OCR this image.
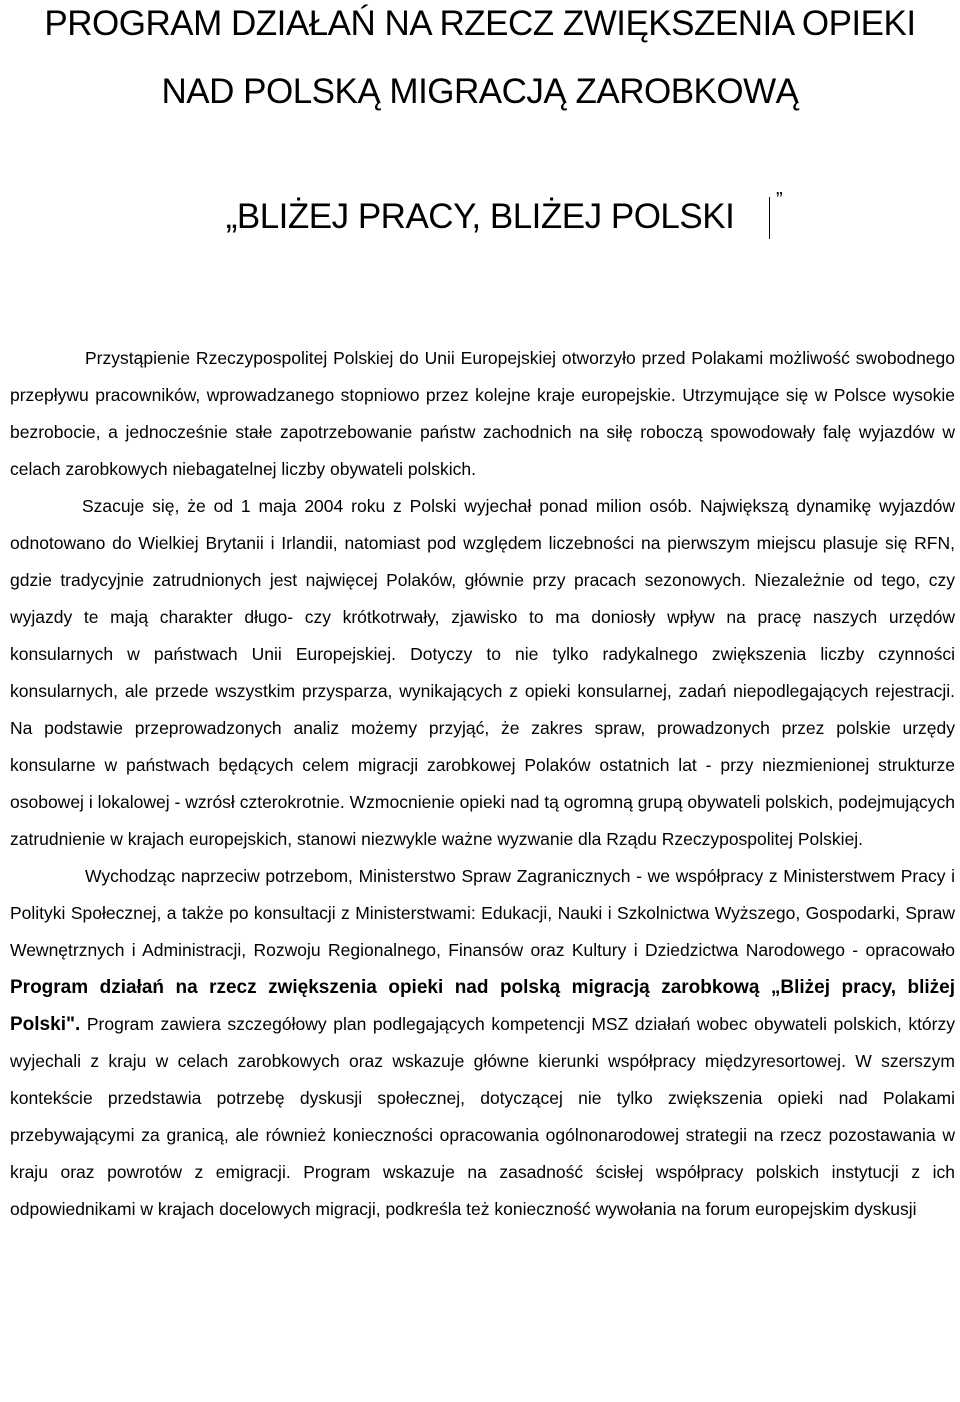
PROGRAM DZIAŁAŃ NA RZECZ ZWIĘKSZENIA OPIEKI
NAD POLSKĄ MIGRACJĄ ZAROBKOWĄ
„BLIŻEJ PRACY, BLIŻEJ POLSKI	”

Przystąpienie Rzeczypospolitej Polskiej do Unii Europejskiej otworzyło przed Polakami możliwość swobodnego przepływu pracowników, wprowadzanego stopniowo przez kolejne kraje europejskie. Utrzymujące się w Polsce wysokie bezrobocie, a jednocześnie stałe zapotrzebowanie państw zachodnich na siłę roboczą spowodowały falę wyjazdów w celach zarobkowych niebagatelnej liczby obywateli polskich.

Szacuje się, że od 1 maja 2004 roku z Polski wyjechał ponad milion osób. Największą dynamikę wyjazdów odnotowano do Wielkiej Brytanii i Irlandii, natomiast pod względem liczebności na pierwszym miejscu plasuje się RFN, gdzie tradycyjnie zatrudnionych jest najwięcej Polaków, głównie przy pracach sezonowych. Niezależnie od tego, czy wyjazdy te mają charakter długo- czy krótkotrwały, zjawisko to ma doniosły wpływ na pracę naszych urzędów konsularnych w państwach Unii Europejskiej. Dotyczy to nie tylko radykalnego zwiększenia liczby czynności konsularnych, ale przede wszystkim przysparza, wynikających z opieki konsularnej, zadań niepodlegających rejestracji. Na podstawie przeprowadzonych analiz możemy przyjąć, że zakres spraw, prowadzonych przez polskie urzędy konsularne w państwach będących celem migracji zarobkowej Polaków ostatnich lat - przy niezmienionej strukturze osobowej i lokalowej - wzrósł czterokrotnie. Wzmocnienie opieki nad tą ogromną grupą obywateli polskich, podejmujących zatrudnienie w krajach europejskich, stanowi niezwykle ważne wyzwanie dla Rządu Rzeczypospolitej Polskiej.

Wychodząc naprzeciw potrzebom, Ministerstwo Spraw Zagranicznych - we współpracy z Ministerstwem Pracy i Polityki Społecznej, a także po konsultacji z Ministerstwami: Edukacji, Nauki i Szkolnictwa Wyższego, Gospodarki, Spraw Wewnętrznych i Administracji, Rozwoju Regionalnego, Finansów oraz Kultury i Dziedzictwa Narodowego - opracowało Program działań na rzecz zwiększenia opieki nad polską migracją zarobkową „Bliżej pracy, bliżej Polski". Program zawiera szczegółowy plan podlegających kompetencji MSZ działań wobec obywateli polskich, którzy wyjechali z kraju w celach zarobkowych oraz wskazuje główne kierunki współpracy międzyresortowej. W szerszym kontekście przedstawia potrzebę dyskusji społecznej, dotyczącej nie tylko zwiększenia opieki nad Polakami przebywającymi za granicą, ale również konieczności opracowania ogólnonarodowej strategii na rzecz pozostawania w kraju oraz powrotów z emigracji. Program wskazuje na zasadność ścisłej współpracy polskich instytucji z ich odpowiednikami w krajach docelowych migracji, podkreśla też konieczność wywołania na forum europejskim dyskusji
